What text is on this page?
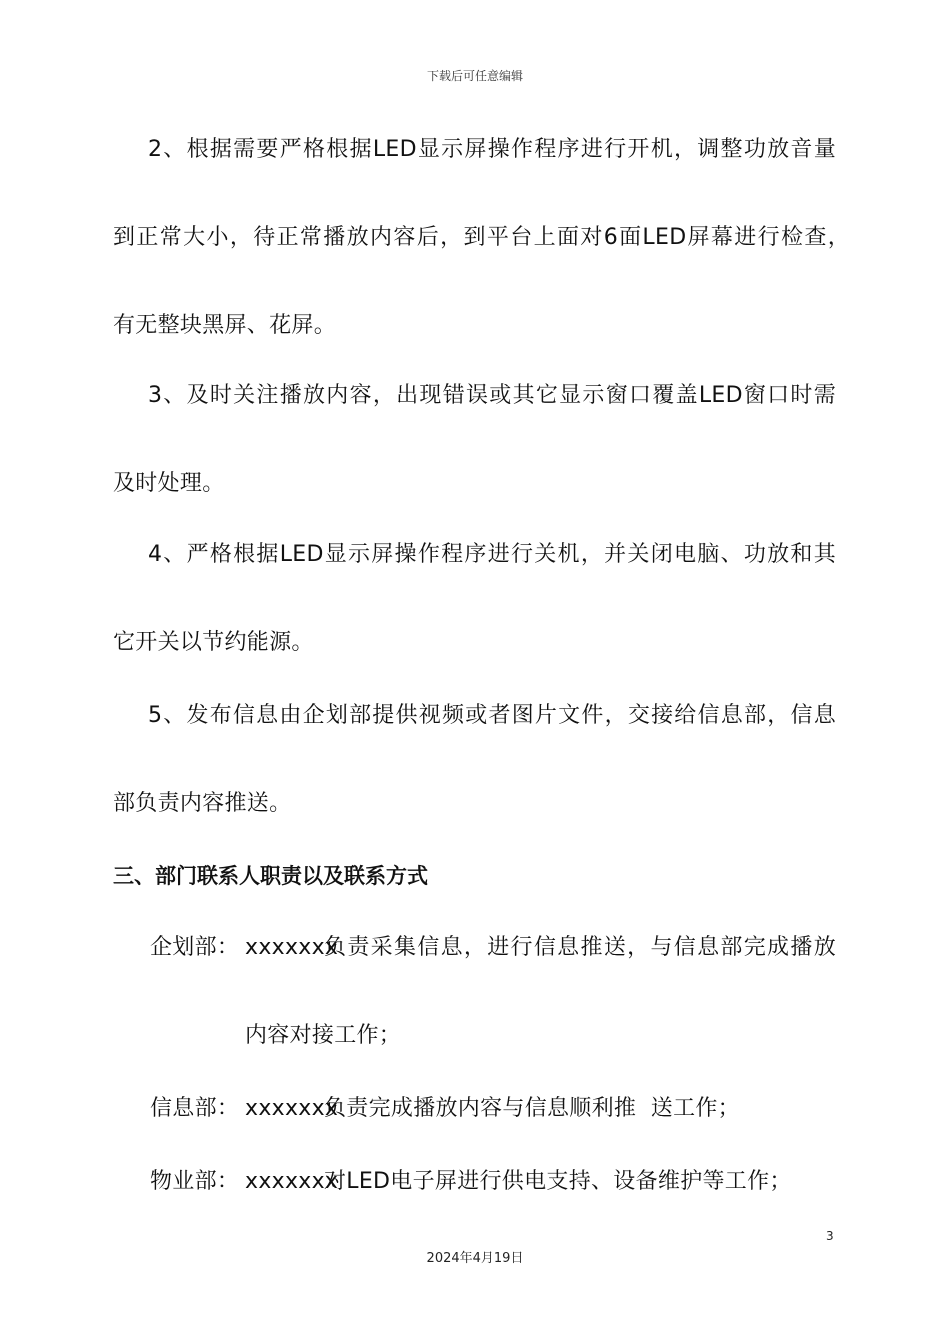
下载后可任意编辑
2、根据需要严格根据LED显示屏操作程序进行开机，调整功放音量
到正常大小，待正常播放内容后，到平台上面对6面LED屏幕进行检查，
有无整块黑屏、花屏。
3、及时关注播放内容，出现错误或其它显示窗口覆盖LED窗口时需
及时处理。
4、严格根据LED显示屏操作程序进行关机，并关闭电脑、功放和其
它开关以节约能源。
5、发布信息由企划部提供视频或者图片文件，交接给信息部，信息
部负责内容推送。
三、部门联系人职责以及联系方式
企划部： xxxxxxx
负责采集信息，进行信息推送，与信息部完成播放
内容对接工作；
信息部： xxxxxxx
负责完成播放内容与信息顺利推  送工作；
物业部： xxxxxxx
对LED电子屏进行供电支持、设备维护等工作；
3
2024年4月19日
